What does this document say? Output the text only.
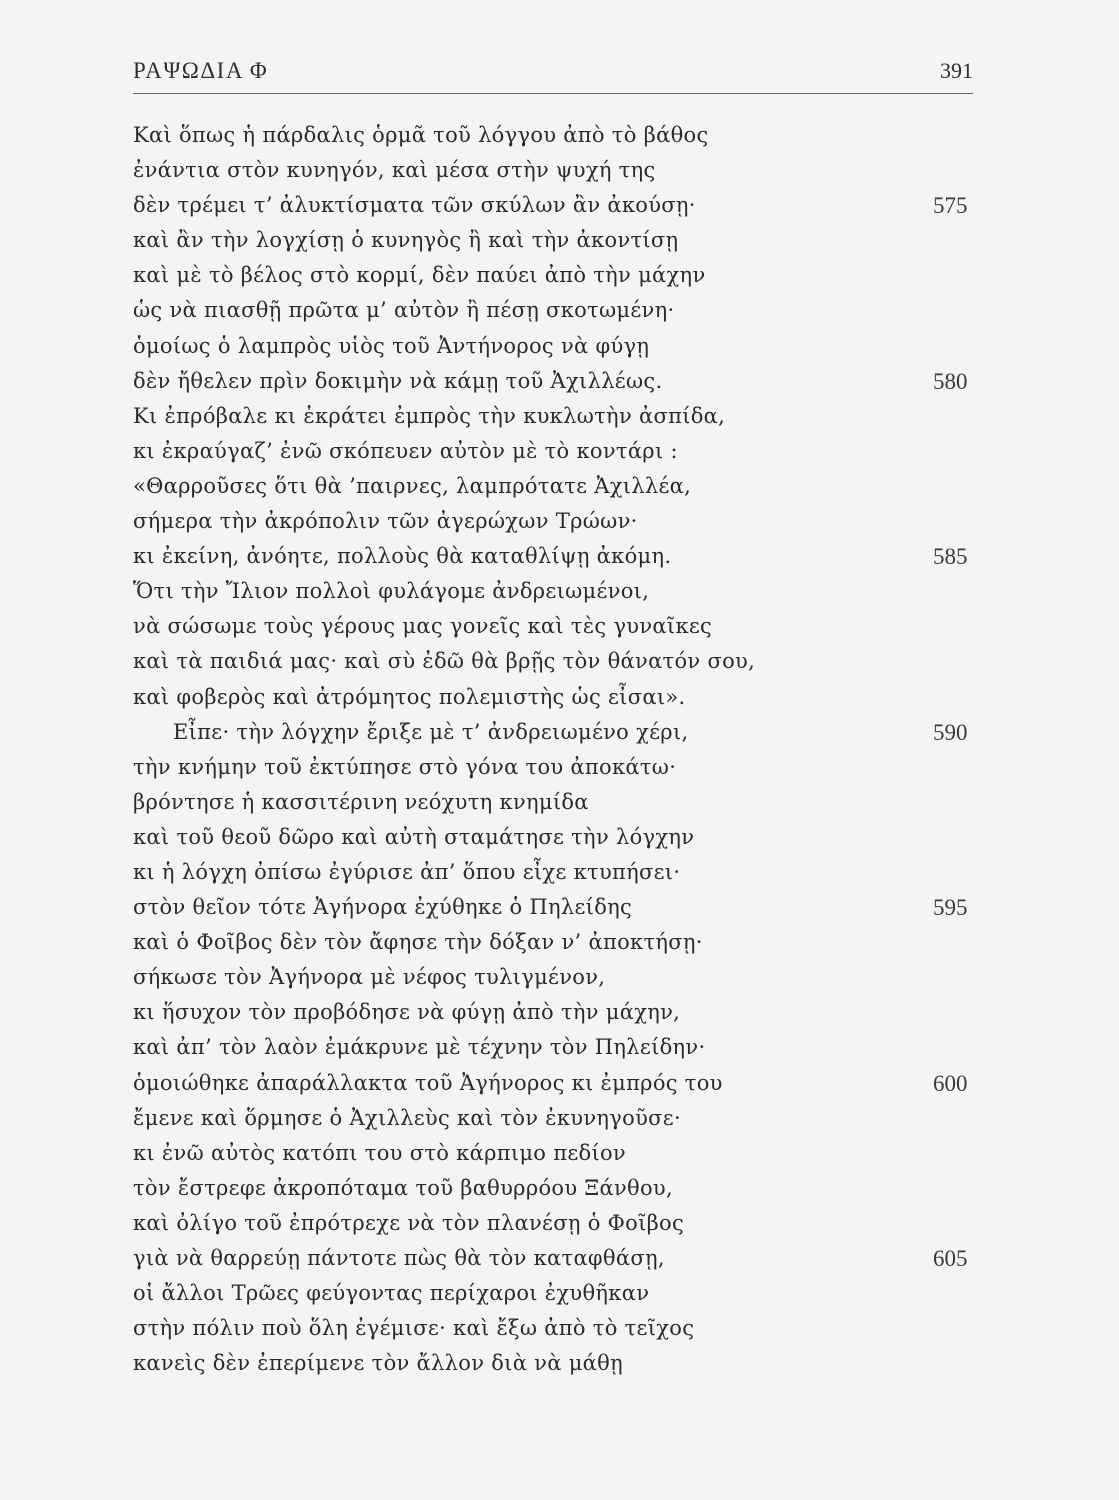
ΡΑΨΩΔΙΑ Φ	391
Καὶ ὅπως ἡ πάρδαλις ὁρμᾶ τοῦ λόγγου ἀπὸ τὸ βάθος
ἐνάντια στὸν κυνηγόν, καὶ μέσα στὴν ψυχή της
δὲν τρέμει τ’ ἀλυκτίσματα τῶν σκύλων ἂν ἀκούσῃ·	575
καὶ ἂν τὴν λογχίσῃ ὁ κυνηγὸς ἢ καὶ τὴν ἀκοντίσῃ
καὶ μὲ τὸ βέλος στὸ κορμί, δὲν παύει ἀπὸ τὴν μάχην
ὡς νὰ πιασθῇ πρῶτα μ’ αὐτὸν ἢ πέσῃ σκοτωμένη·
ὁμοίως ὁ λαμπρὸς υἱὸς τοῦ Ἀντήνορος νὰ φύγῃ
δὲν ἤθελεν πρὶν δοκιμὴν νὰ κάμῃ τοῦ Ἀχιλλέως.	580
Κι ἐπρόβαλε κι ἐκράτει ἐμπρὸς τὴν κυκλωτὴν ἀσπίδα,
κι ἐκραύγαζ’ ἐνῶ σκόπευεν αὐτὸν μὲ τὸ κοντάρι :
«Θαρροῦσες ὅτι θὰ ’παιρνες, λαμπρότατε Ἀχιλλέα,
σήμερα τὴν ἀκρόπολιν τῶν ἀγερώχων Τρώων·
κι ἐκείνη, ἀνόητε, πολλοὺς θὰ καταθλίψῃ ἀκόμη.	585
Ὅτι τὴν Ἴλιον πολλοὶ φυλάγομε ἀνδρειωμένοι,
νὰ σώσωμε τοὺς γέρους μας γονεῖς καὶ τὲς γυναῖκες
καὶ τὰ παιδιά μας· καὶ σὺ ἐδῶ θὰ βρῇς τὸν θάνατόν σου,
καὶ φοβερὸς καὶ ἀτρόμητος πολεμιστὴς ὡς εἶσαι».
Εἶπε· τὴν λόγχην ἔριξε μὲ τ’ ἀνδρειωμένο χέρι,	590
τὴν κνήμην τοῦ ἐκτύπησε στὸ γόνα του ἀποκάτω·
βρόντησε ἡ κασσιτέρινη νεόχυτη κνημίδα
καὶ τοῦ θεοῦ δῶρο καὶ αὐτὴ σταμάτησε τὴν λόγχην
κι ἡ λόγχη ὀπίσω ἐγύρισε ἀπ’ ὅπου εἶχε κτυπήσει·
στὸν θεῖον τότε Ἀγήνορα ἐχύθηκε ὁ Πηλείδης	595
καὶ ὁ Φοῖβος δὲν τὸν ἄφησε τὴν δόξαν ν’ ἀποκτήσῃ·
σήκωσε τὸν Ἀγήνορα μὲ νέφος τυλιγμένον,
κι ἥσυχον τὸν προβόδησε νὰ φύγῃ ἀπὸ τὴν μάχην,
καὶ ἀπ’ τὸν λαὸν ἐμάκρυνε μὲ τέχνην τὸν Πηλείδην·
ὁμοιώθηκε ἀπαράλλακτα τοῦ Ἀγήνορος κι ἐμπρός του	600
ἔμενε καὶ ὅρμησε ὁ Ἀχιλλεὺς καὶ τὸν ἐκυνηγοῦσε·
κι ἐνῶ αὐτὸς κατόπι του στὸ κάρπιμο πεδίον
τὸν ἔστρεφε ἀκροπόταμα τοῦ βαθυρρόου Ξάνθου,
καὶ ὀλίγο τοῦ ἐπρότρεχε νὰ τὸν πλανέσῃ ὁ Φοῖβος
γιὰ νὰ θαρρεύῃ πάντοτε πὼς θὰ τὸν καταφθάσῃ,	605
οἱ ἄλλοι Τρῶες φεύγοντας περίχαροι ἐχυθῆκαν
στὴν πόλιν ποὺ ὅλη ἐγέμισε· καὶ ἔξω ἀπὸ τὸ τεῖχος
κανεὶς δὲν ἐπερίμενε τὸν ἄλλον διὰ νὰ μάθῃ
